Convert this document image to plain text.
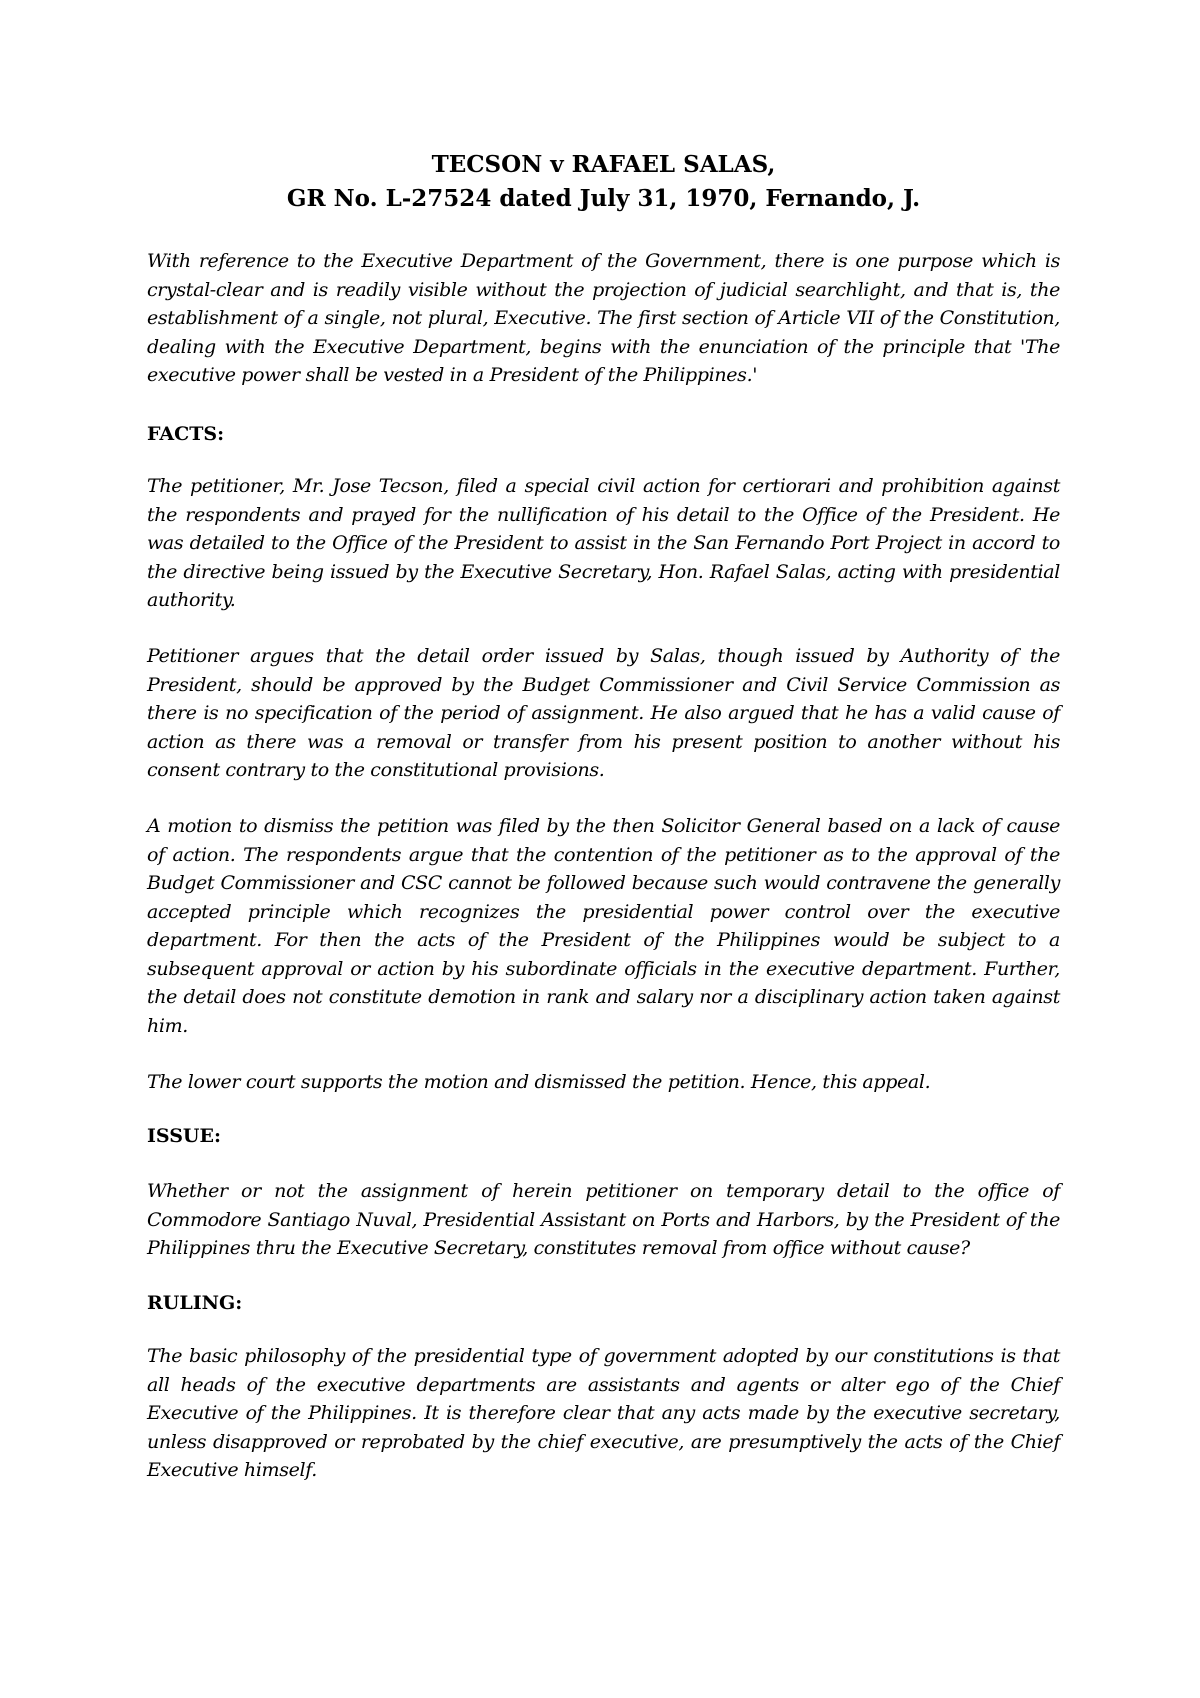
TECSON v RAFAEL SALAS,
GR No. L-27524 dated July 31, 1970, Fernando, J.

With reference to the Executive Department of the Government, there is one purpose which is crystal-clear and is readily visible without the projection of judicial searchlight, and that is, the establishment of a single, not plural, Executive. The first section of Article VII of the Constitution, dealing with the Executive Department, begins with the enunciation of the principle that 'The executive power shall be vested in a President of the Philippines.'

FACTS:

The petitioner, Mr. Jose Tecson, filed a special civil action for certiorari and prohibition against the respondents and prayed for the nullification of his detail to the Office of the President. He was detailed to the Office of the President to assist in the San Fernando Port Project in accord to the directive being issued by the Executive Secretary, Hon. Rafael Salas, acting with presidential authority.

Petitioner argues that the detail order issued by Salas, though issued by Authority of the President, should be approved by the Budget Commissioner and Civil Service Commission as there is no specification of the period of assignment. He also argued that he has a valid cause of action as there was a removal or transfer from his present position to another without his consent contrary to the constitutional provisions.

A motion to dismiss the petition was filed by the then Solicitor General based on a lack of cause of action. The respondents argue that the contention of the petitioner as to the approval of the Budget Commissioner and CSC cannot be followed because such would contravene the generally accepted principle which recognizes the presidential power control over the executive department. For then the acts of the President of the Philippines would be subject to a subsequent approval or action by his subordinate officials in the executive department. Further, the detail does not constitute demotion in rank and salary nor a disciplinary action taken against him.

The lower court supports the motion and dismissed the petition. Hence, this appeal.

ISSUE:

Whether or not the assignment of herein petitioner on temporary detail to the office of Commodore Santiago Nuval, Presidential Assistant on Ports and Harbors, by the President of the Philippines thru the Executive Secretary, constitutes removal from office without cause?

RULING:

The basic philosophy of the presidential type of government adopted by our constitutions is that all heads of the executive departments are assistants and agents or alter ego of the Chief Executive of the Philippines. It is therefore clear that any acts made by the executive secretary, unless disapproved or reprobated by the chief executive, are presumptively the acts of the Chief Executive himself.
